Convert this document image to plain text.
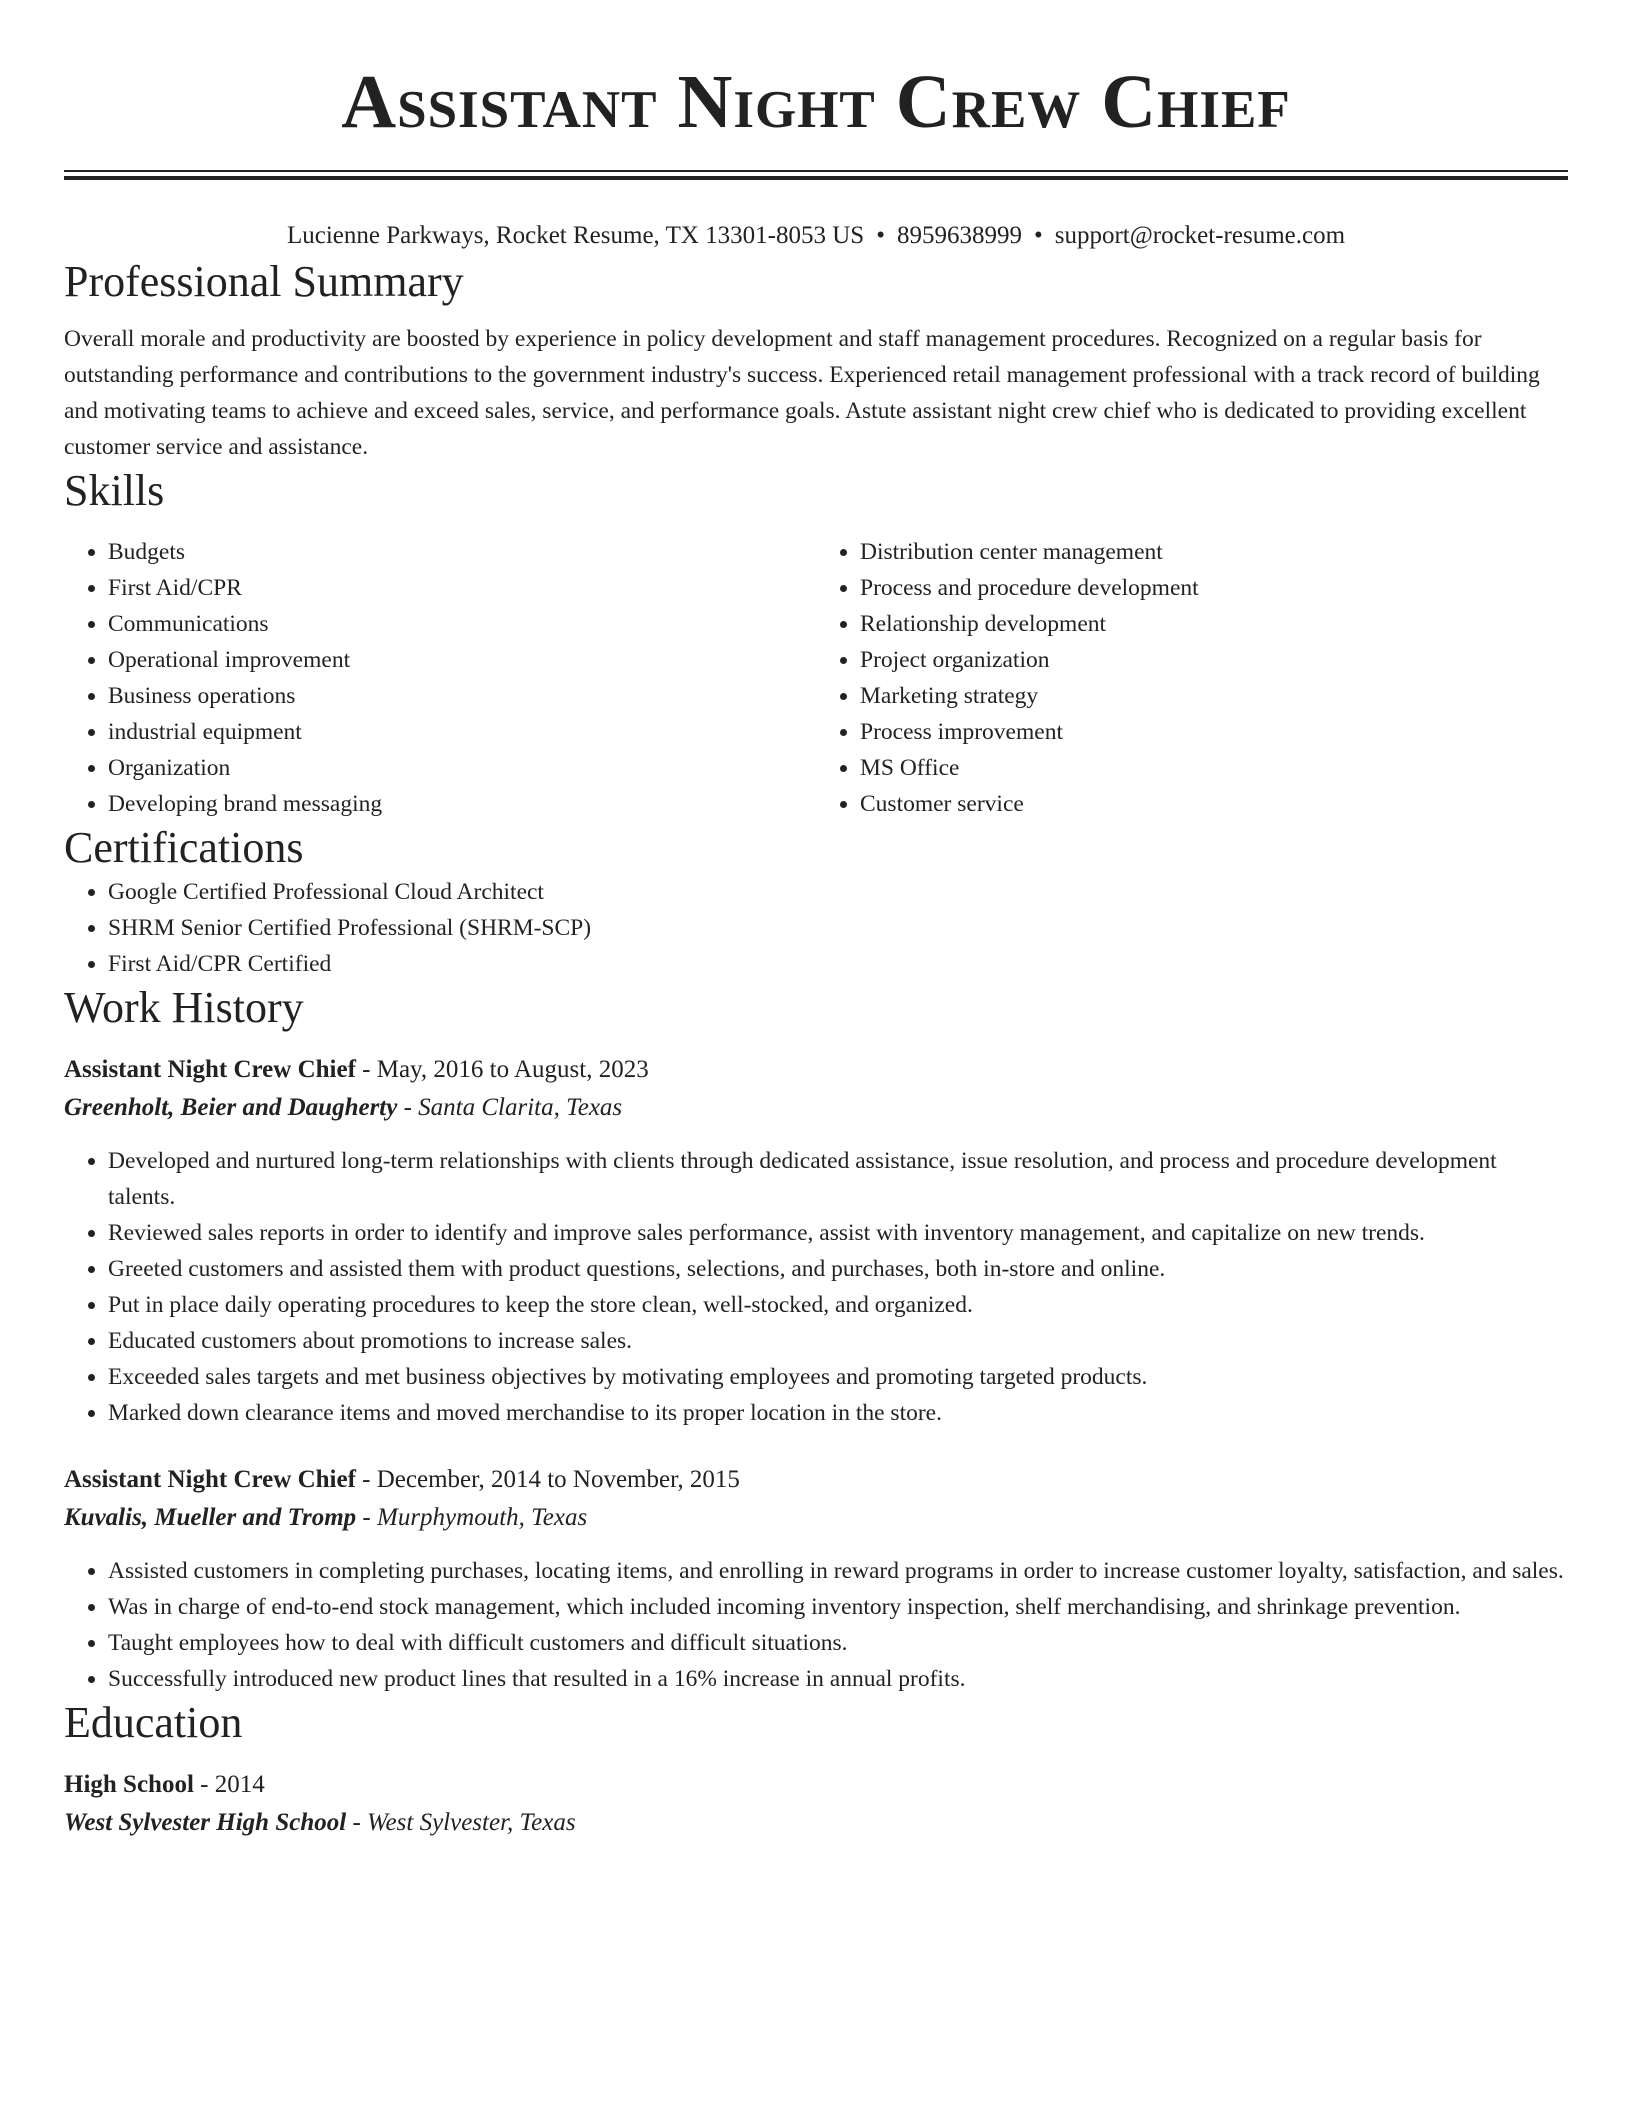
Assistant Night Crew Chief
Lucienne Parkways, Rocket Resume, TX 13301-8053 US • 8959638999 • support@rocket-resume.com
Professional Summary

Overall morale and productivity are boosted by experience in policy development and staff management procedures. Recognized on a regular basis for outstanding performance and contributions to the government industry's success. Experienced retail management professional with a track record of building and motivating teams to achieve and exceed sales, service, and performance goals. Astute assistant night crew chief who is dedicated to providing excellent customer service and assistance.

Skills
• Budgets
• First Aid/CPR
• Communications
• Operational improvement
• Business operations
• industrial equipment
• Organization
• Developing brand messaging
• Distribution center management
• Process and procedure development
• Relationship development
• Project organization
• Marketing strategy
• Process improvement
• MS Office
• Customer service
Certifications
• Google Certified Professional Cloud Architect
• SHRM Senior Certified Professional (SHRM-SCP)
• First Aid/CPR Certified
Work History
Assistant Night Crew Chief - May, 2016 to August, 2023
Greenholt, Beier and Daugherty - Santa Clarita, Texas
• Developed and nurtured long-term relationships with clients through dedicated assistance, issue resolution, and process and procedure development talents.
• Reviewed sales reports in order to identify and improve sales performance, assist with inventory management, and capitalize on new trends.
• Greeted customers and assisted them with product questions, selections, and purchases, both in-store and online.
• Put in place daily operating procedures to keep the store clean, well-stocked, and organized.
• Educated customers about promotions to increase sales.
• Exceeded sales targets and met business objectives by motivating employees and promoting targeted products.
• Marked down clearance items and moved merchandise to its proper location in the store.
Assistant Night Crew Chief - December, 2014 to November, 2015
Kuvalis, Mueller and Tromp - Murphymouth, Texas
• Assisted customers in completing purchases, locating items, and enrolling in reward programs in order to increase customer loyalty, satisfaction, and sales.
• Was in charge of end-to-end stock management, which included incoming inventory inspection, shelf merchandising, and shrinkage prevention.
• Taught employees how to deal with difficult customers and difficult situations.
• Successfully introduced new product lines that resulted in a 16% increase in annual profits.
Education
High School - 2014
West Sylvester High School - West Sylvester, Texas
